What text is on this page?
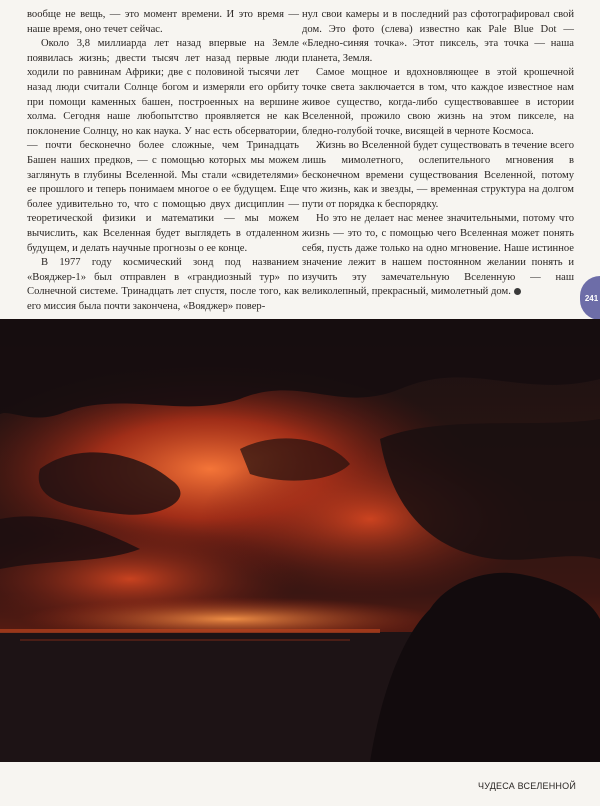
вообще не вещь, — это момент времени. И это время — наше время, оно течет сейчас.

Около 3,8 миллиарда лет назад впервые на Земле появилась жизнь; двести тысяч лет назад первые люди ходили по равнинам Африки; две с половиной тысячи лет назад люди считали Солнце богом и измеряли его орбиту при помощи каменных башен, построенных на вершине холма. Сегодня наше любопытство проявляется не как поклонение Солнцу, но как наука. У нас есть обсерватории, — почти бесконечно более сложные, чем Тринадцать Башен наших предков, — с помощью которых мы можем заглянуть в глубины Вселенной. Мы стали «свидетелями» ее прошлого и теперь понимаем многое о ее будущем. Еще более удивительно то, что с помощью двух дисциплин — теоретической физики и математики — мы можем вычислить, как Вселенная будет выглядеть в отдаленном будущем, и делать научные прогнозы о ее конце.

В 1977 году космический зонд под названием «Вояджер-1» был отправлен в «грандиозный тур» по Солнечной системе. Тринадцать лет спустя, после того, как его миссия была почти закончена, «Вояджер» повер-

нул свои камеры и в последний раз сфотографировал свой дом. Это фото (слева) известно как Pale Blue Dot — «Бледно-синяя точка». Этот пиксель, эта точка — наша планета, Земля.

Самое мощное и вдохновляющее в этой крошечной точке света заключается в том, что каждое известное нам живое существо, когда-либо существовавшее в истории Вселенной, прожило свою жизнь на этом пикселе, на бледно-голубой точке, висящей в черноте Космоса.

Жизнь во Вселенной будет существовать в течение всего лишь мимолетного, ослепительного мгновения в бесконечном времени существования Вселенной, потому что жизнь, как и звезды, — временная структура на долгом пути от порядка к беспорядку.

Но это не делает нас менее значительными, потому что жизнь — это то, с помощью чего Вселенная может понять себя, пусть даже только на одно мгновение. Наше истинное значение лежит в нашем постоянном желании понять и изучить эту замечательную Вселенную — наш великолепный, прекрасный, мимолетный дом.

241
ЧУДЕСА ВСЕЛЕННОЙ
